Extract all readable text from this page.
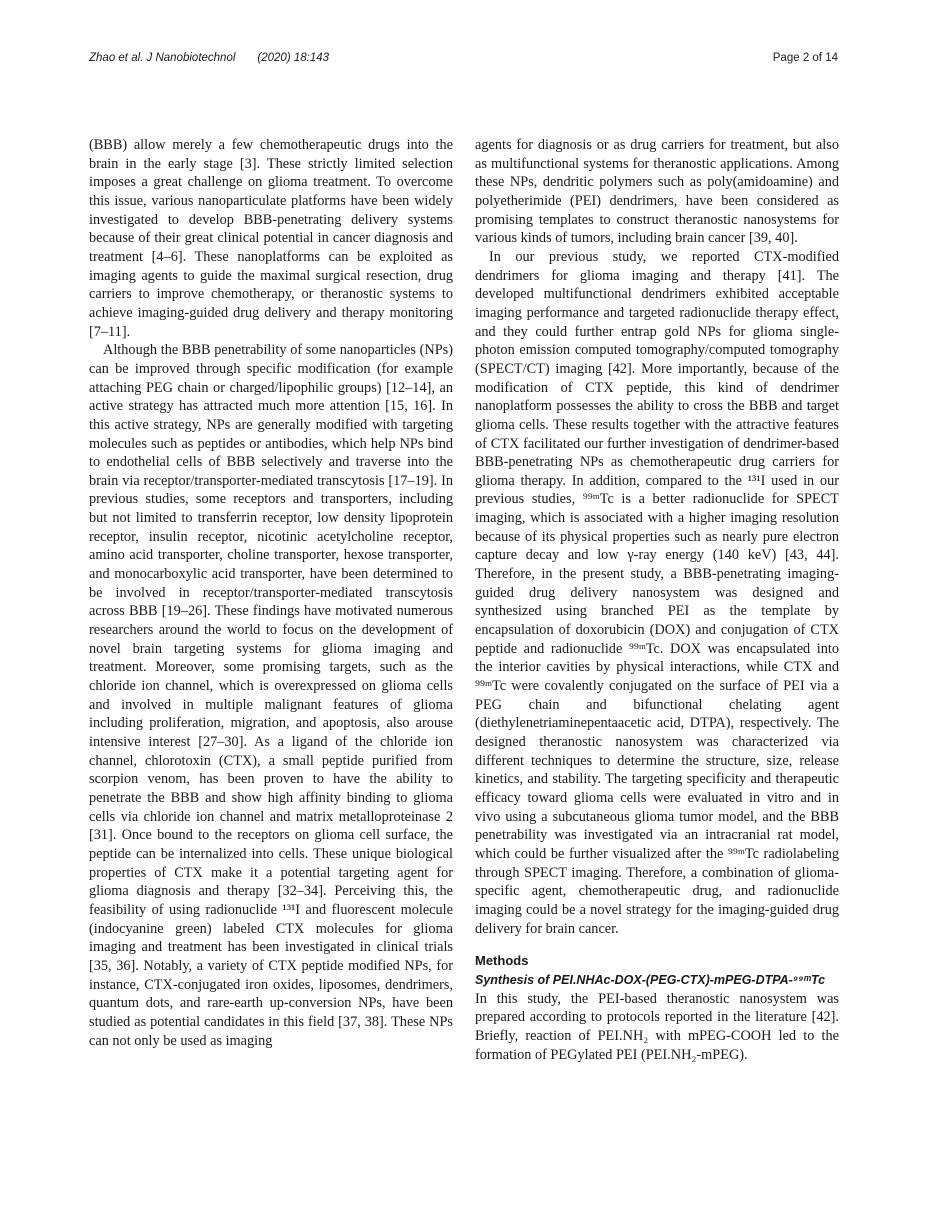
Zhao et al. J Nanobiotechnol (2020) 18:143	Page 2 of 14

(BBB) allow merely a few chemotherapeutic drugs into the brain in the early stage [3]. These strictly limited selection imposes a great challenge on glioma treatment. To overcome this issue, various nanoparticulate platforms have been widely investigated to develop BBB-penetrating delivery systems because of their great clinical potential in cancer diagnosis and treatment [4–6]. These nanoplatforms can be exploited as imaging agents to guide the maximal surgical resection, drug carriers to improve chemotherapy, or theranostic systems to achieve imaging-guided drug delivery and therapy monitoring [7–11].

Although the BBB penetrability of some nanoparticles (NPs) can be improved through specific modification (for example attaching PEG chain or charged/lipophilic groups) [12–14], an active strategy has attracted much more attention [15, 16]. In this active strategy, NPs are generally modified with targeting molecules such as peptides or antibodies, which help NPs bind to endothelial cells of BBB selectively and traverse into the brain via receptor/transporter-mediated transcytosis [17–19]. In previous studies, some receptors and transporters, including but not limited to transferrin receptor, low density lipoprotein receptor, insulin receptor, nicotinic acetylcholine receptor, amino acid transporter, choline transporter, hexose transporter, and monocarboxylic acid transporter, have been determined to be involved in receptor/transporter-mediated transcytosis across BBB [19–26]. These findings have motivated numerous researchers around the world to focus on the development of novel brain targeting systems for glioma imaging and treatment. Moreover, some promising targets, such as the chloride ion channel, which is overexpressed on glioma cells and involved in multiple malignant features of glioma including proliferation, migration, and apoptosis, also arouse intensive interest [27–30]. As a ligand of the chloride ion channel, chlorotoxin (CTX), a small peptide purified from scorpion venom, has been proven to have the ability to penetrate the BBB and show high affinity binding to glioma cells via chloride ion channel and matrix metalloproteinase 2 [31]. Once bound to the receptors on glioma cell surface, the peptide can be internalized into cells. These unique biological properties of CTX make it a potential targeting agent for glioma diagnosis and therapy [32–34]. Perceiving this, the feasibility of using radionuclide ¹³¹I and fluorescent molecule (indocyanine green) labeled CTX molecules for glioma imaging and treatment has been investigated in clinical trials [35, 36]. Notably, a variety of CTX peptide modified NPs, for instance, CTX-conjugated iron oxides, liposomes, dendrimers, quantum dots, and rare-earth up-conversion NPs, have been studied as potential candidates in this field [37, 38]. These NPs can not only be used as imaging

agents for diagnosis or as drug carriers for treatment, but also as multifunctional systems for theranostic applications. Among these NPs, dendritic polymers such as poly(amidoamine) and polyetherimide (PEI) dendrimers, have been considered as promising templates to construct theranostic nanosystems for various kinds of tumors, including brain cancer [39, 40].

In our previous study, we reported CTX-modified dendrimers for glioma imaging and therapy [41]. The developed multifunctional dendrimers exhibited acceptable imaging performance and targeted radionuclide therapy effect, and they could further entrap gold NPs for glioma single-photon emission computed tomography/computed tomography (SPECT/CT) imaging [42]. More importantly, because of the modification of CTX peptide, this kind of dendrimer nanoplatform possesses the ability to cross the BBB and target glioma cells. These results together with the attractive features of CTX facilitated our further investigation of dendrimer-based BBB-penetrating NPs as chemotherapeutic drug carriers for glioma therapy. In addition, compared to the ¹³¹I used in our previous studies, ⁹⁹ᵐTc is a better radionuclide for SPECT imaging, which is associated with a higher imaging resolution because of its physical properties such as nearly pure electron capture decay and low γ-ray energy (140 keV) [43, 44]. Therefore, in the present study, a BBB-penetrating imaging-guided drug delivery nanosystem was designed and synthesized using branched PEI as the template by encapsulation of doxorubicin (DOX) and conjugation of CTX peptide and radionuclide ⁹⁹ᵐTc. DOX was encapsulated into the interior cavities by physical interactions, while CTX and ⁹⁹ᵐTc were covalently conjugated on the surface of PEI via a PEG chain and bifunctional chelating agent (diethylenetriaminepentaacetic acid, DTPA), respectively. The designed theranostic nanosystem was characterized via different techniques to determine the structure, size, release kinetics, and stability. The targeting specificity and therapeutic efficacy toward glioma cells were evaluated in vitro and in vivo using a subcutaneous glioma tumor model, and the BBB penetrability was investigated via an intracranial rat model, which could be further visualized after the ⁹⁹ᵐTc radiolabeling through SPECT imaging. Therefore, a combination of glioma-specific agent, chemotherapeutic drug, and radionuclide imaging could be a novel strategy for the imaging-guided drug delivery for brain cancer.

Methods
Synthesis of PEI.NHAc-DOX-(PEG-CTX)-mPEG-DTPA-⁹⁹ᵐTc

In this study, the PEI-based theranostic nanosystem was prepared according to protocols reported in the literature [42]. Briefly, reaction of PEI.NH₂ with mPEG-COOH led to the formation of PEGylated PEI (PEI.NH₂-mPEG).
